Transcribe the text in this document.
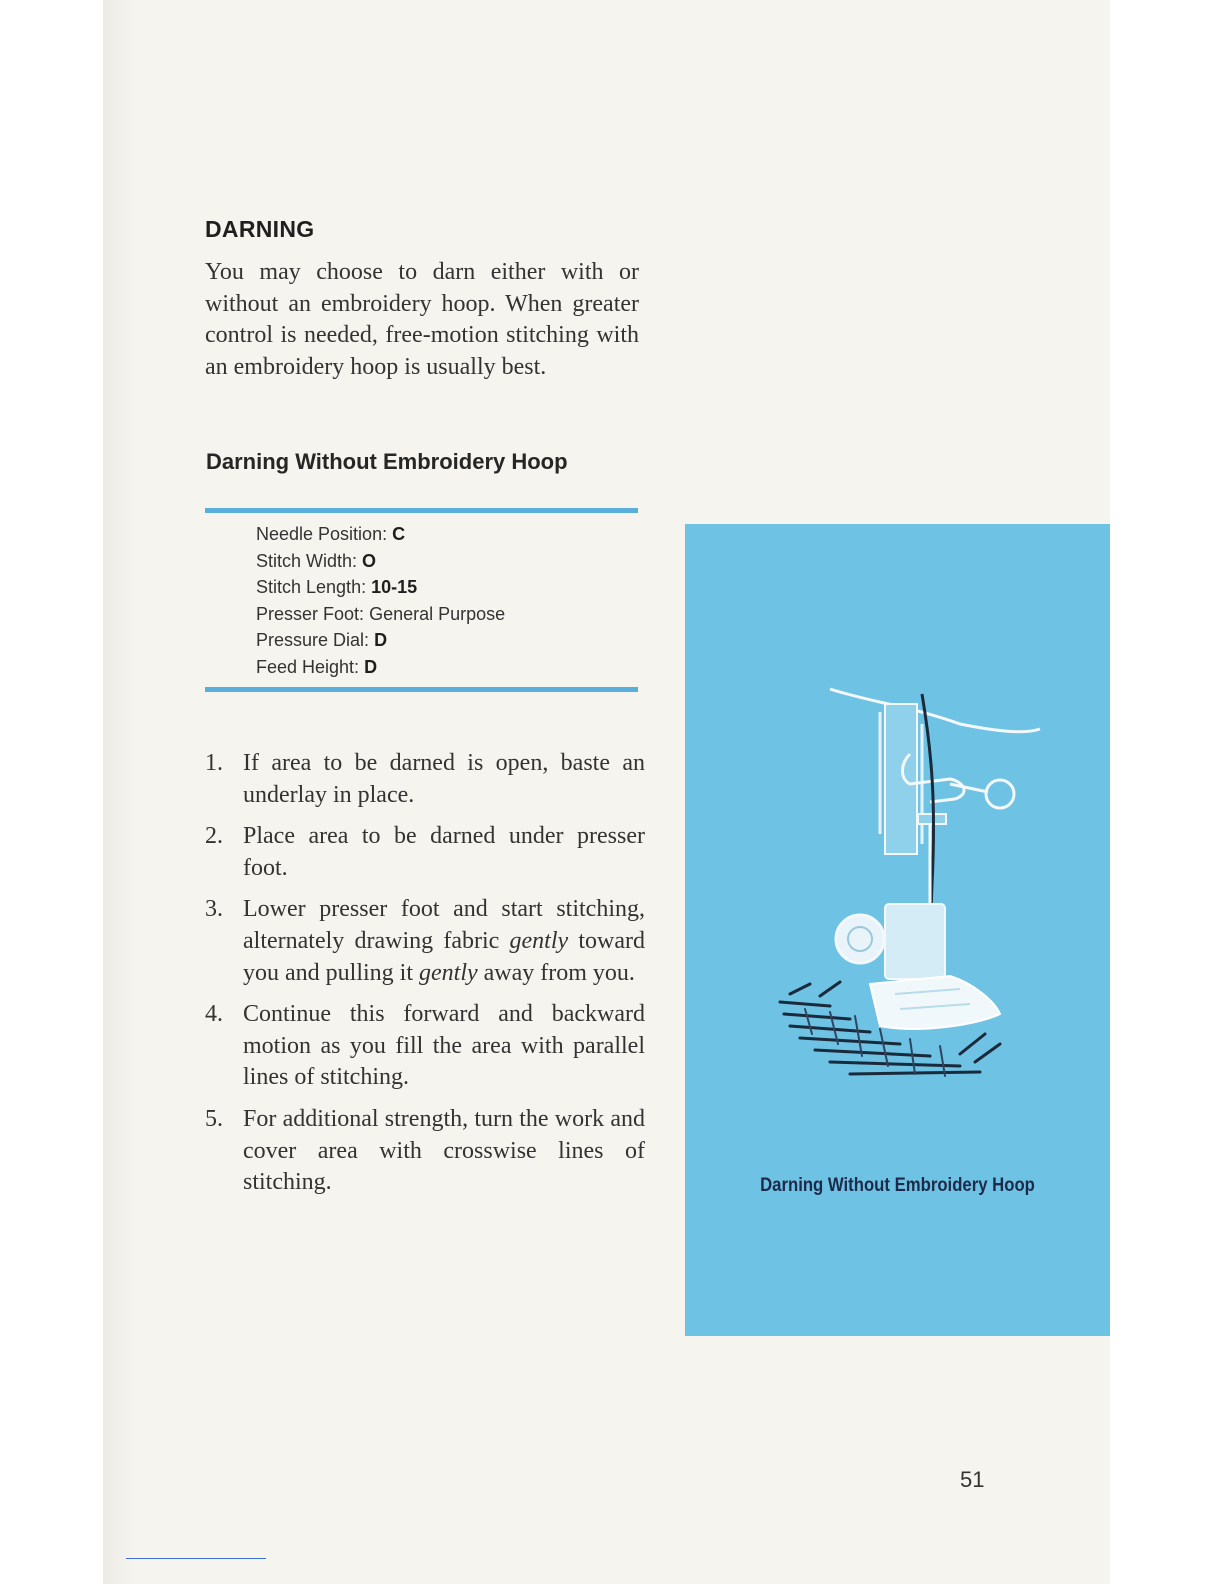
DARNING

You may choose to darn either with or without an embroidery hoop. When greater control is needed, free-motion stitching with an embroidery hoop is usually best.

Darning Without Embroidery Hoop
Needle Position: C
Stitch Width: O
Stitch Length: 10-15
Presser Foot: General Purpose
Pressure Dial: D
Feed Height: D
1. If area to be darned is open, baste an underlay in place.
2. Place area to be darned under presser foot.
3. Lower presser foot and start stitching, alternately drawing fabric gently toward you and pulling it gently away from you.
4. Continue this forward and backward motion as you fill the area with parallel lines of stitching.
5. For additional strength, turn the work and cover area with crosswise lines of stitching.	Darning Without Embroidery Hoop

51
